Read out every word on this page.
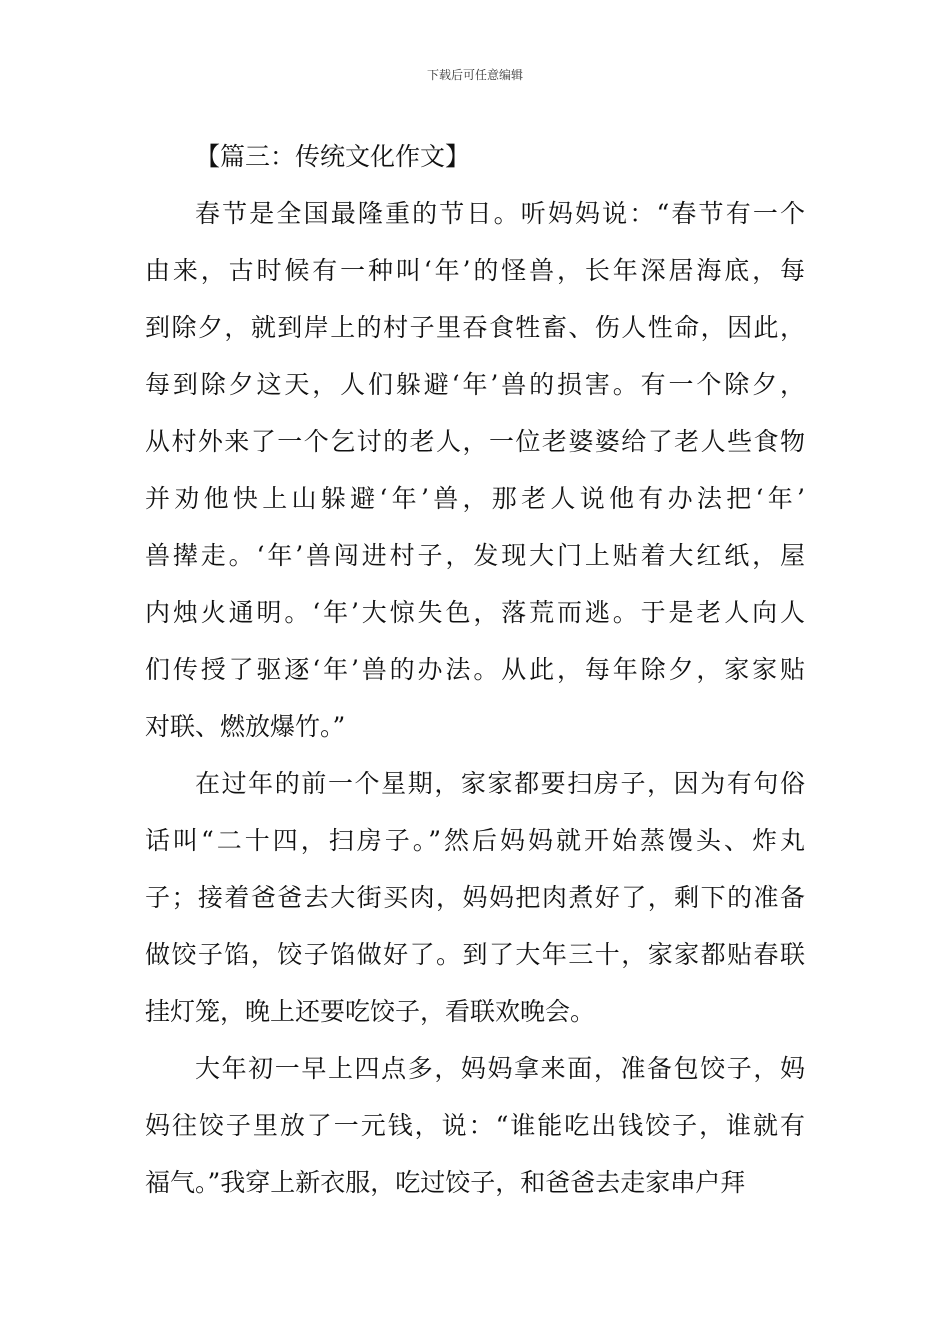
下载后可任意编辑
【篇三：传统文化作文】
春节是全国最隆重的节日。听妈妈说：“春节有一个
由来，古时候有一种叫‘年’的怪兽，长年深居海底，每
到除夕，就到岸上的村子里吞食牲畜、伤人性命，因此，
每到除夕这天，人们躲避‘年’兽的损害。有一个除夕，
从村外来了一个乞讨的老人，一位老婆婆给了老人些食物
并劝他快上山躲避‘年’兽，那老人说他有办法把‘年’
兽撵走。‘年’兽闯进村子，发现大门上贴着大红纸，屋
内烛火通明。‘年’大惊失色，落荒而逃。于是老人向人
们传授了驱逐‘年’兽的办法。从此，每年除夕，家家贴
对联、燃放爆竹。”
在过年的前一个星期，家家都要扫房子，因为有句俗
话叫“二十四，扫房子。”然后妈妈就开始蒸馒头、炸丸
子；接着爸爸去大街买肉，妈妈把肉煮好了，剩下的准备
做饺子馅，饺子馅做好了。到了大年三十，家家都贴春联
挂灯笼，晚上还要吃饺子，看联欢晚会。
大年初一早上四点多，妈妈拿来面，准备包饺子，妈
妈往饺子里放了一元钱，说：“谁能吃出钱饺子，谁就有
福气。”我穿上新衣服，吃过饺子，和爸爸去走家串户拜
